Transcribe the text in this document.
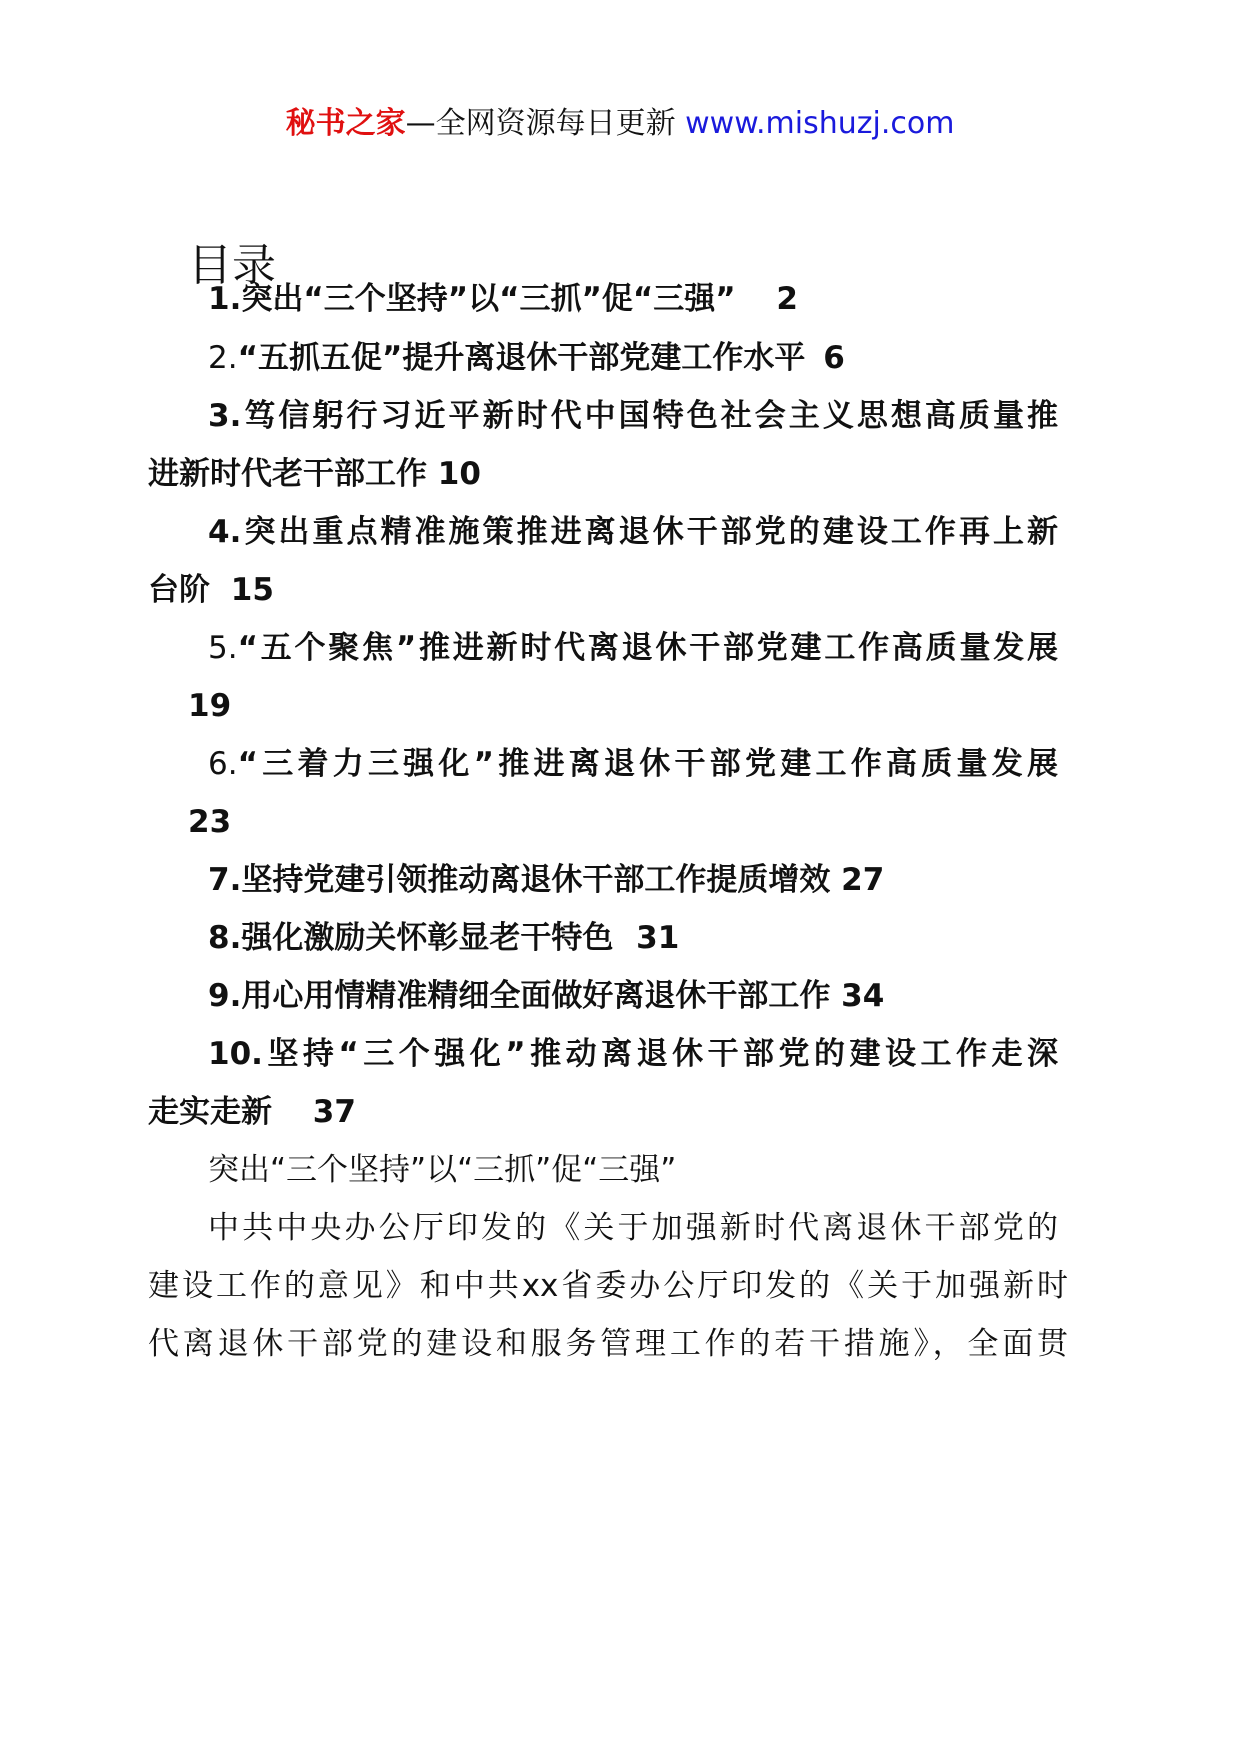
秘书之家—全网资源每日更新 www.mishuzj.com
目录
1.突出“三个坚持”以“三抓”促“三强” 2
2.“五抓五促”提升离退休干部党建工作水平 6
3.笃信躬行习近平新时代中国特色社会主义思想高质量推
进新时代老干部工作 10
4.突出重点精准施策推进离退休干部党的建设工作再上新
台阶 15
5.“五个聚焦”推进新时代离退休干部党建工作高质量发展
19
6.“三着力三强化”推进离退休干部党建工作高质量发展
23
7.坚持党建引领推动离退休干部工作提质增效 27
8.强化激励关怀彰显老干特色 31
9.用心用情精准精细全面做好离退休干部工作 34
10.坚持“三个强化”推动离退休干部党的建设工作走深
走实走新 37
突出“三个坚持”以“三抓”促“三强”
中共中央办公厅印发的《关于加强新时代离退休干部党的
建设工作的意见》和中共xx省委办公厅印发的《关于加强新时
代离退休干部党的建设和服务管理工作的若干措施》，全面贯
